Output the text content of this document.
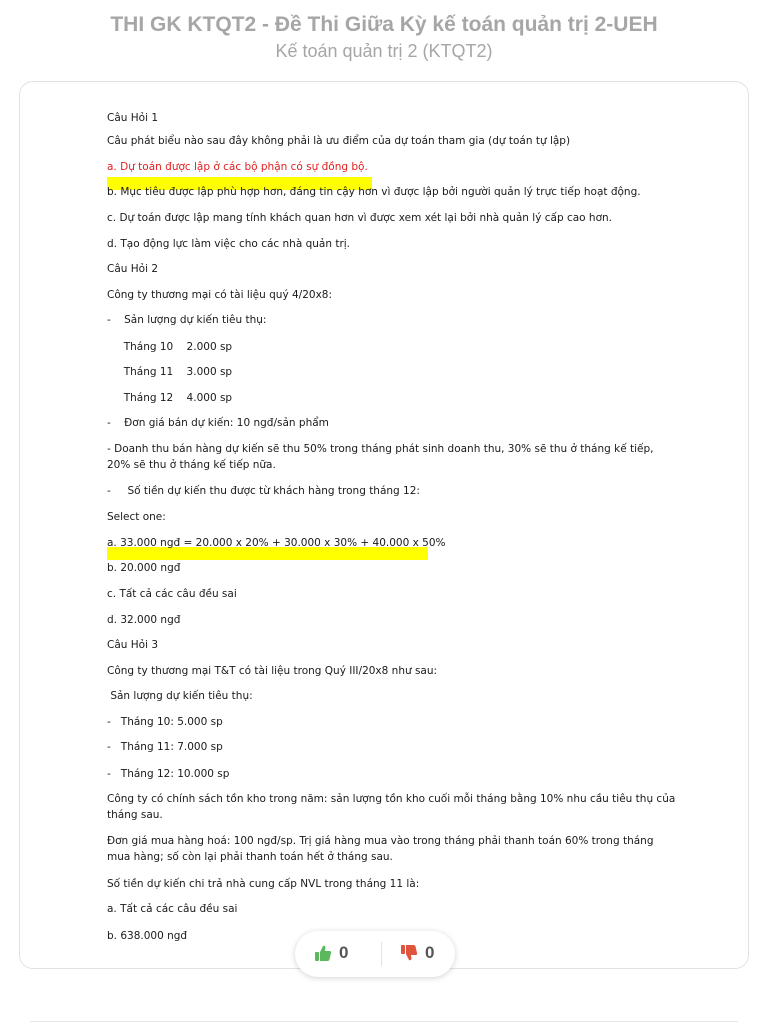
THI GK KTQT2 - Đề Thi Giữa Kỳ kế toán quản trị 2-UEH
Kế toán quản trị 2 (KTQT2)
Câu Hỏi 1
Câu phát biểu nào sau đây không phải là ưu điểm của dự toán tham gia (dự toán tự lập)
a. Dự toán được lập ở các bộ phận có sự đồng bộ.
b. Mục tiêu được lập phù hợp hơn, đáng tin cậy hơn vì được lập bởi người quản lý trực tiếp hoạt động.
c. Dự toán được lập mang tính khách quan hơn vì được xem xét lại bởi nhà quản lý cấp cao hơn.
d. Tạo động lực làm việc cho các nhà quản trị.
Câu Hỏi 2
Công ty thương mại có tài liệu quý 4/20x8:
-    Sản lượng dự kiến tiêu thụ:
Tháng 10    2.000 sp
Tháng 11    3.000 sp
Tháng 12    4.000 sp
-    Đơn giá bán dự kiến: 10 ngđ/sản phẩm
- Doanh thu bán hàng dự kiến sẽ thu 50% trong tháng phát sinh doanh thu, 30% sẽ thu ở tháng kế tiếp, 20% sẽ thu ở tháng kế tiếp nữa.
-     Số tiền dự kiến thu được từ khách hàng trong tháng 12:
Select one:
a. 33.000 ngđ = 20.000 x 20% + 30.000 x 30% + 40.000 x 50%
b. 20.000 ngđ
c. Tất cả các câu đều sai
d. 32.000 ngđ
Câu Hỏi 3
Công ty thương mại T&T có tài liệu trong Quý III/20x8 như sau:
Sản lượng dự kiến tiêu thụ:
-   Tháng 10: 5.000 sp
-   Tháng 11: 7.000 sp
-   Tháng 12: 10.000 sp
Công ty có chính sách tồn kho trong năm: sản lượng tồn kho cuối mỗi tháng bằng 10% nhu cầu tiêu thụ của tháng sau.
Đơn giá mua hàng hoá: 100 ngđ/sp. Trị giá hàng mua vào trong tháng phải thanh toán 60% trong tháng mua hàng; số còn lại phải thanh toán hết ở tháng sau.
Số tiền dự kiến chi trả nhà cung cấp NVL trong tháng 11 là:
a. Tất cả các câu đều sai
b. 638.000 ngđ
0	0
